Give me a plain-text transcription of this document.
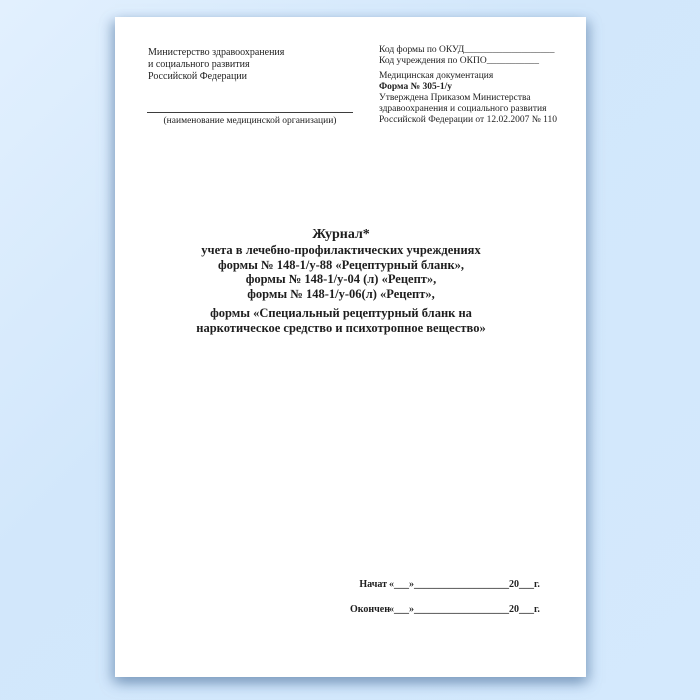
Министерство здравоохранения
и социального развития
Российской Федерации
(наименование медицинской организации)
Код формы по ОКУД___________________
Код учреждения по ОКПО___________
Медицинская документация
Форма № 305-1/у
Утверждена Приказом Министерства
здравоохранения и социального развития
Российской Федерации от 12.02.2007 № 110
Журнал*
учета в лечебно-профилактических учреждениях
формы № 148-1/у-88 «Рецептурный бланк»,
формы № 148-1/у-04 (л) «Рецепт»,
формы № 148-1/у-06(л) «Рецепт»,
формы «Специальный рецептурный бланк на
наркотическое средство и психотропное вещество»
Начат «___»___________________20___г.
Окончен
«___»___________________20___г.
